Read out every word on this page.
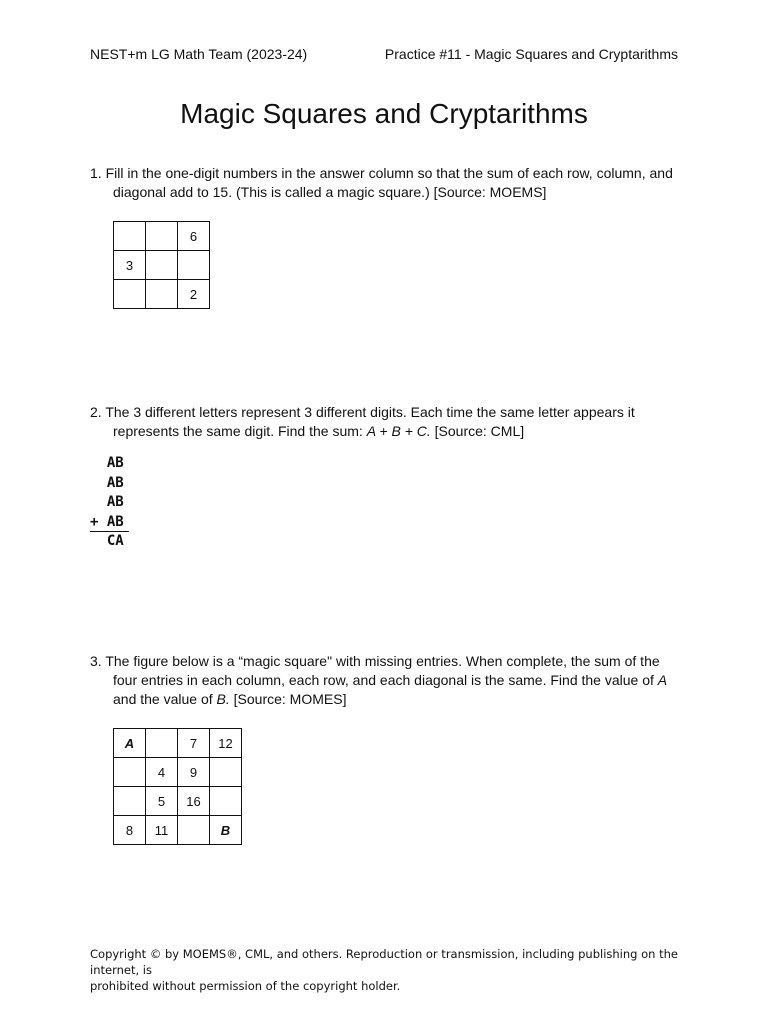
NEST+m LG Math Team (2023-24)	Practice #11 - Magic Squares and Cryptarithms
Magic Squares and Cryptarithms
1. Fill in the one-digit numbers in the answer column so that the sum of each row, column, and
diagonal add to 15. (This is called a magic square.) [Source: MOEMS]
		6
3		
		2
2. The 3 different letters represent 3 different digits. Each time the same letter appears it
represents the same digit. Find the sum: A + B + C. [Source: CML]
AB
AB
AB
+ AB
CA
3. The figure below is a “magic square" with missing entries. When complete, the sum of the
four entries in each column, each row, and each diagonal is the same. Find the value of A
and the value of B. [Source: MOMES]
A		7	12
	4	9	
	5	16	
8	11		B
Copyright © by MOEMS®, CML, and others. Reproduction or transmission, including publishing on the internet, is
prohibited without permission of the copyright holder.
